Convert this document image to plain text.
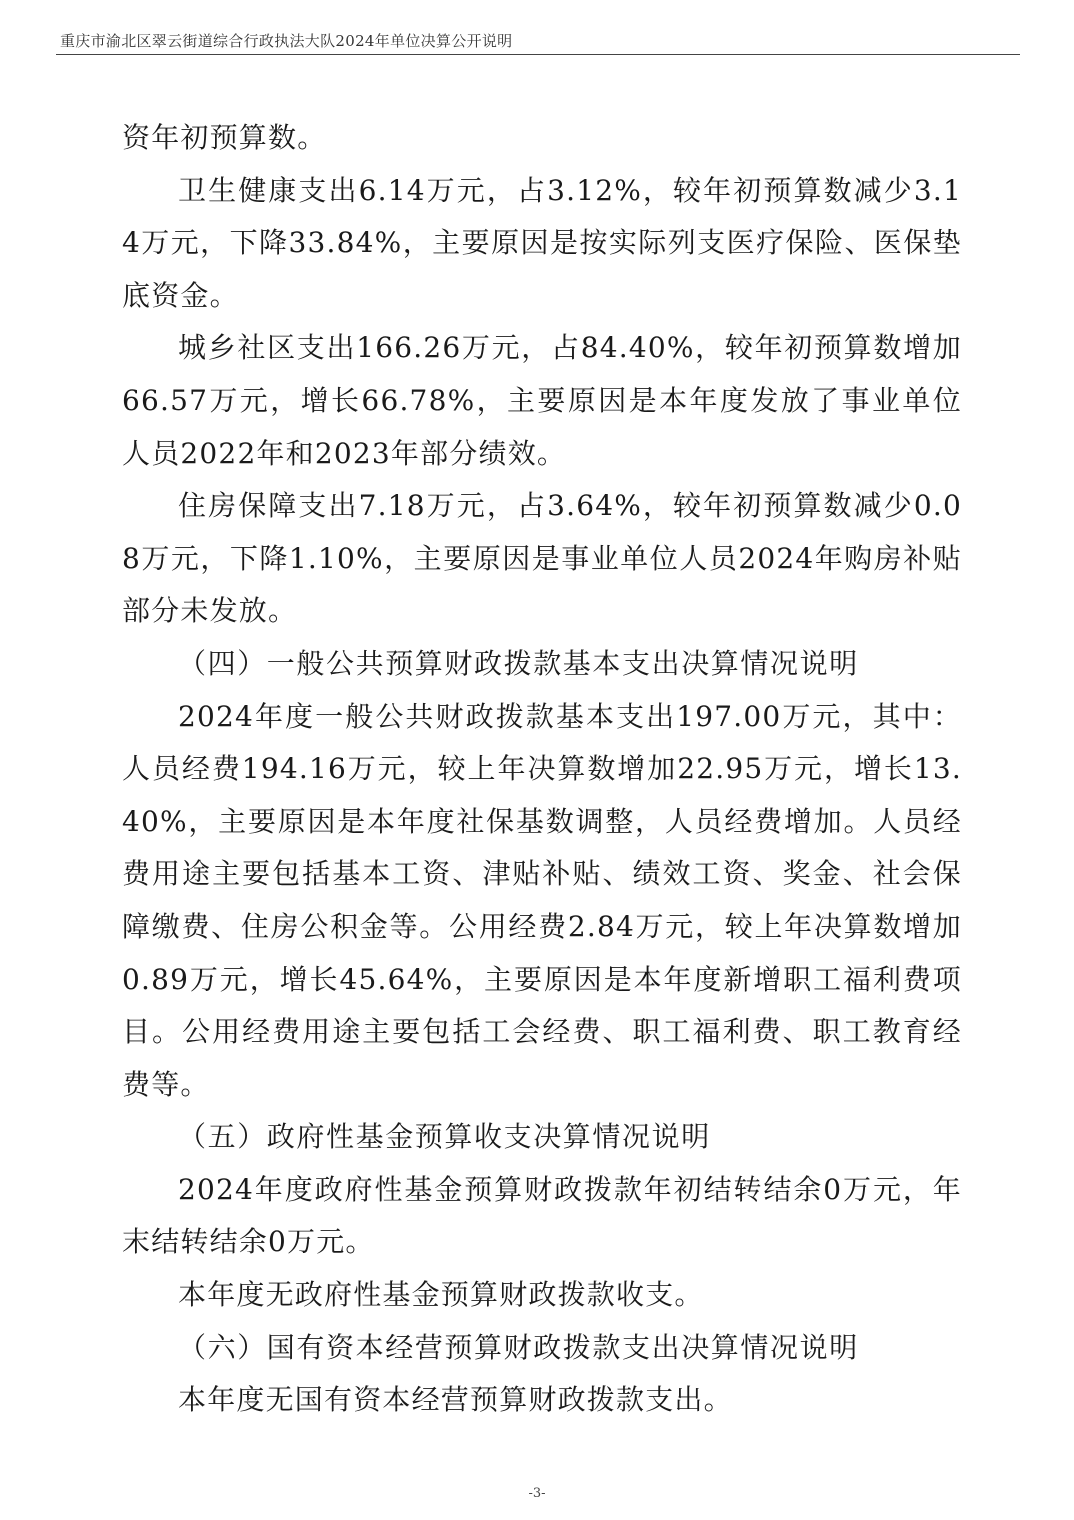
重庆市渝北区翠云街道综合行政执法大队2024年单位决算公开说明

资年初预算数。

卫生健康支出6.14万元，占3.12%，较年初预算数减少3.14万元，下降33.84%，主要原因是按实际列支医疗保险、医保垫底资金。

城乡社区支出166.26万元，占84.40%，较年初预算数增加66.57万元，增长66.78%，主要原因是本年度发放了事业单位人员2022年和2023年部分绩效。

住房保障支出7.18万元，占3.64%，较年初预算数减少0.08万元，下降1.10%，主要原因是事业单位人员2024年购房补贴部分未发放。

（四）一般公共预算财政拨款基本支出决算情况说明

2024年度一般公共财政拨款基本支出197.00万元，其中：人员经费194.16万元，较上年决算数增加22.95万元，增长13.40%，主要原因是本年度社保基数调整，人员经费增加。人员经费用途主要包括基本工资、津贴补贴、绩效工资、奖金、社会保障缴费、住房公积金等。公用经费2.84万元，较上年决算数增加0.89万元，增长45.64%，主要原因是本年度新增职工福利费项目。公用经费用途主要包括工会经费、职工福利费、职工教育经费等。

（五）政府性基金预算收支决算情况说明

2024年度政府性基金预算财政拨款年初结转结余0万元，年末结转结余0万元。

本年度无政府性基金预算财政拨款收支。

（六）国有资本经营预算财政拨款支出决算情况说明

本年度无国有资本经营预算财政拨款支出。

-3-
